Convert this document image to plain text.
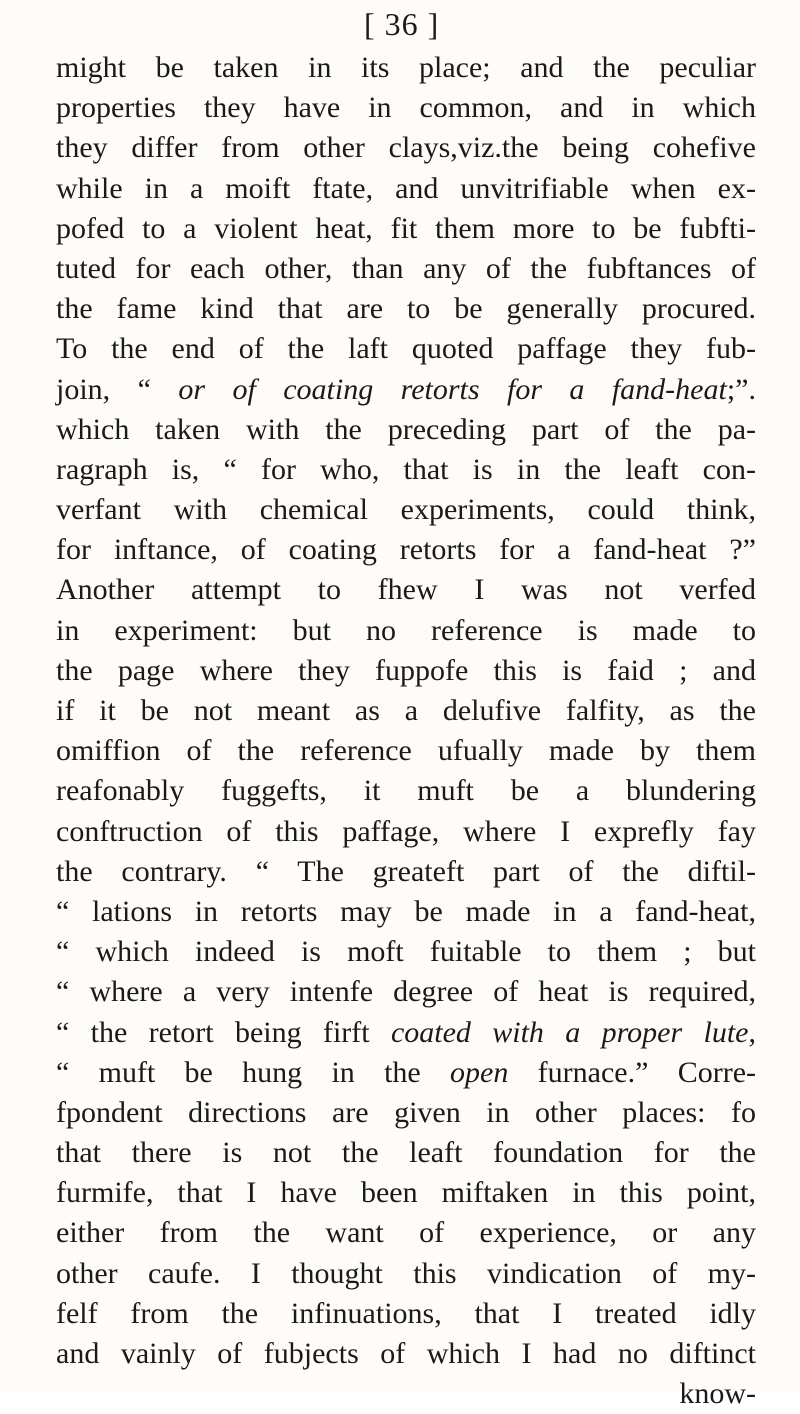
[ 36 ]
might be taken in its place; and the peculiar
properties they have in common, and in which
they differ from other clays,viz.the being cohefive
while in a moift ftate, and unvitrifiable when ex-
pofed to a violent heat, fit them more to be fubfti-
tuted for each other, than any of the fubftances of
the fame kind that are to be generally procured.
To the end of the laft quoted paffage they fub-
join, “ or of coating retorts for a fand-heat;”.
which taken with the preceding part of the pa-
ragraph is, “ for who, that is in the leaft con-
verfant with chemical experiments, could think,
for inftance, of coating retorts for a fand-heat ?”
Another attempt to fhew I was not verfed
in experiment: but no reference is made to
the page where they fuppofe this is faid ; and
if it be not meant as a delufive falfity, as the
omiffion of the reference ufually made by them
reafonably fuggefts, it muft be a blundering
conftruction of this paffage, where I exprefly fay
the contrary. “ The greateft part of the diftil-
“ lations in retorts may be made in a fand-heat,
“ which indeed is moft fuitable to them ; but
“ where a very intenfe degree of heat is required,
“ the retort being firft coated with a proper lute,
“ muft be hung in the open furnace.” Corre-
fpondent directions are given in other places: fo
that there is not the leaft foundation for the
furmife, that I have been miftaken in this point,
either from the want of experience, or any
other caufe. I thought this vindication of my-
felf from the infinuations, that I treated idly
and vainly of fubjects of which I had no diftinct
know-
